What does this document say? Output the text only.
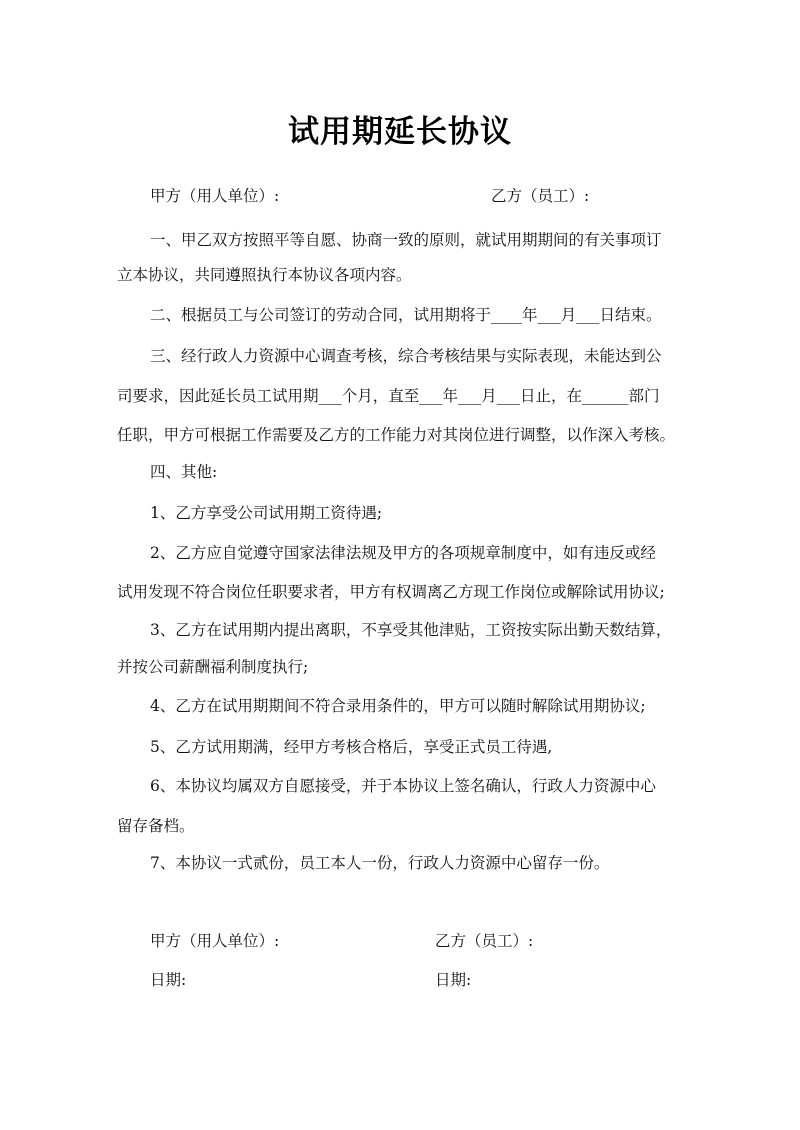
试用期延长协议
甲方（用人单位）:	乙方（员工）:
一、甲乙双方按照平等自愿、协商一致的原则，就试用期期间的有关事项订
立本协议，共同遵照执行本协议各项内容。
二、根据员工与公司签订的劳动合同，试用期将于____年___月___日结束。
三、经行政人力资源中心调查考核，综合考核结果与实际表现，未能达到公
司要求，因此延长员工试用期___个月，直至___年___月___日止，在______部门
任职，甲方可根据工作需要及乙方的工作能力对其岗位进行调整，以作深入考核。
四、其他:
1、乙方享受公司试用期工资待遇;
2、乙方应自觉遵守国家法律法规及甲方的各项规章制度中，如有违反或经
试用发现不符合岗位任职要求者，甲方有权调离乙方现工作岗位或解除试用协议;
3、乙方在试用期内提出离职，不享受其他津贴，工资按实际出勤天数结算，
并按公司薪酬福利制度执行;
4、乙方在试用期期间不符合录用条件的，甲方可以随时解除试用期协议;
5、乙方试用期满，经甲方考核合格后，享受正式员工待遇,
6、本协议均属双方自愿接受，并于本协议上签名确认，行政人力资源中心
留存备档。
7、本协议一式贰份，员工本人一份，行政人力资源中心留存一份。
甲方（用人单位）:	乙方（员工）:
日期:	日期:
